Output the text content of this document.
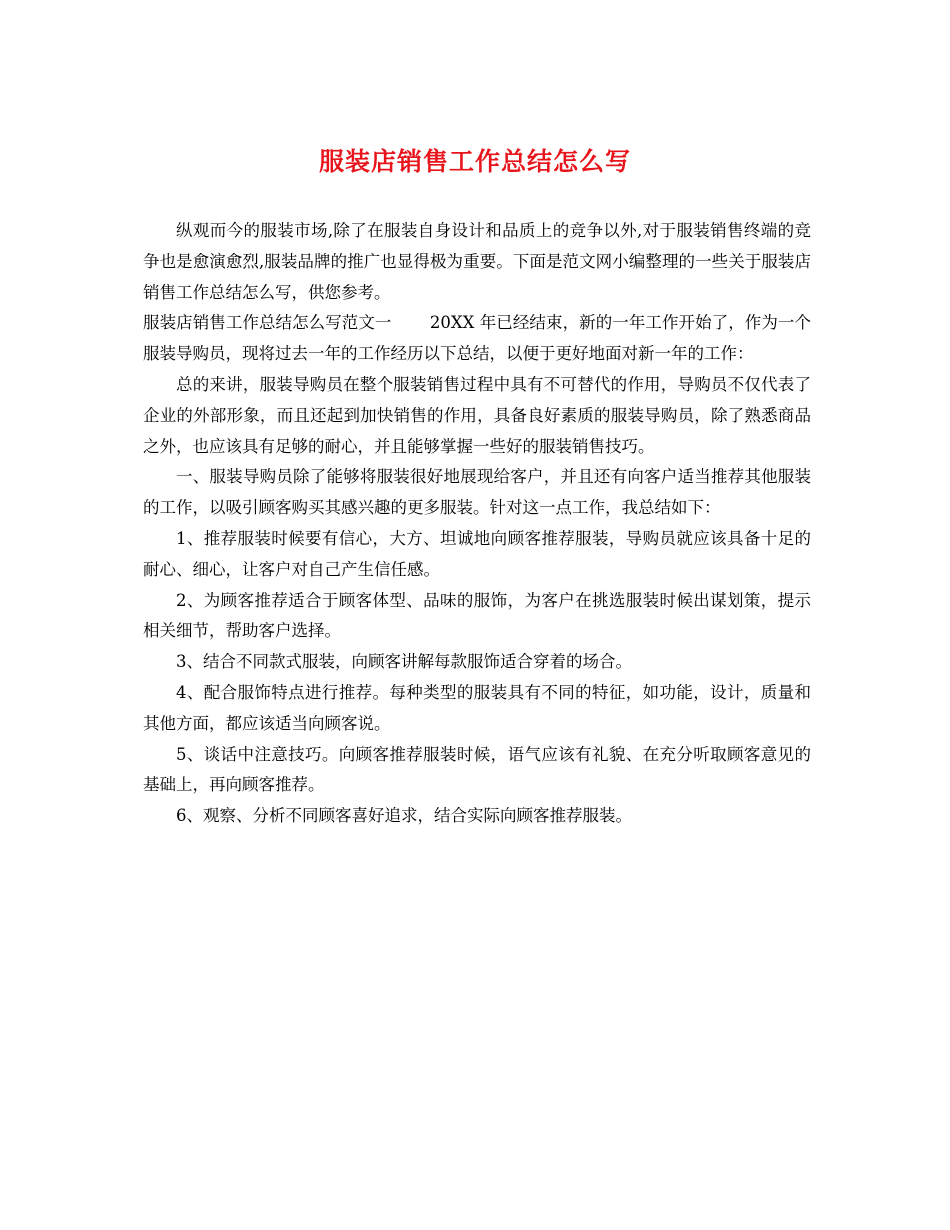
服装店销售工作总结怎么写

纵观而今的服装市场,除了在服装自身设计和品质上的竞争以外,对于服装销售终端的竞争也是愈演愈烈,服装品牌的推广也显得极为重要。下面是范文网小编整理的一些关于服装店销售工作总结怎么写，供您参考。

服装店销售工作总结怎么写范文一　　 20XX 年已经结束，新的一年工作开始了，作为一个服装导购员，现将过去一年的工作经历以下总结，以便于更好地面对新一年的工作：

总的来讲，服装导购员在整个服装销售过程中具有不可替代的作用，导购员不仅代表了企业的外部形象，而且还起到加快销售的作用，具备良好素质的服装导购员，除了熟悉商品之外，也应该具有足够的耐心，并且能够掌握一些好的服装销售技巧。

一、服装导购员除了能够将服装很好地展现给客户，并且还有向客户适当推荐其他服装的工作，以吸引顾客购买其感兴趣的更多服装。针对这一点工作，我总结如下：

1、推荐服装时候要有信心，大方、坦诚地向顾客推荐服装，导购员就应该具备十足的耐心、细心，让客户对自己产生信任感。

2、为顾客推荐适合于顾客体型、品味的服饰，为客户在挑选服装时候出谋划策，提示相关细节，帮助客户选择。

3、结合不同款式服装，向顾客讲解每款服饰适合穿着的场合。

4、配合服饰特点进行推荐。每种类型的服装具有不同的特征，如功能，设计，质量和其他方面，都应该适当向顾客说。

5、谈话中注意技巧。向顾客推荐服装时候，语气应该有礼貌、在充分听取顾客意见的基础上，再向顾客推荐。

6、观察、分析不同顾客喜好追求，结合实际向顾客推荐服装。
